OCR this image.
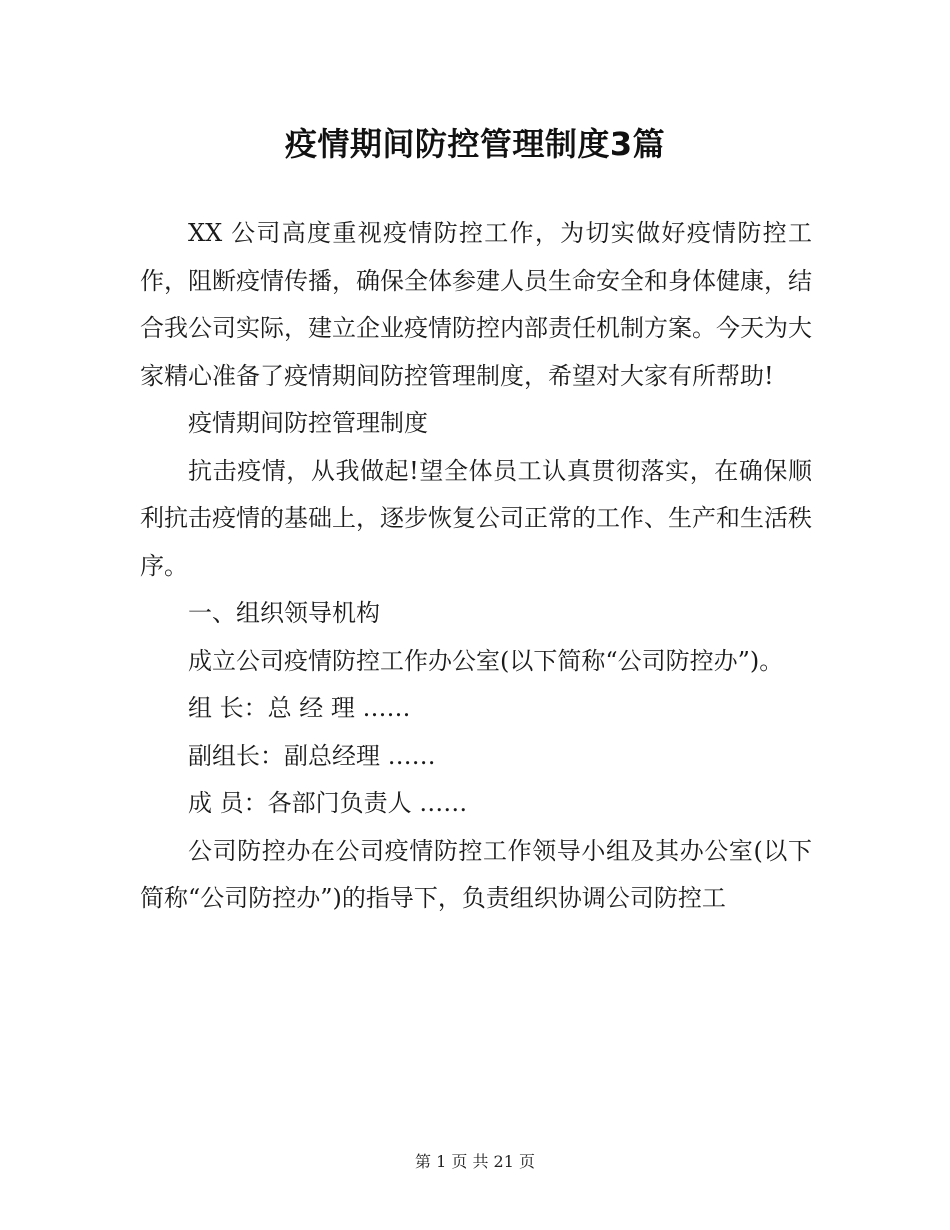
疫情期间防控管理制度3篇

XX 公司高度重视疫情防控工作，为切实做好疫情防控工作，阻断疫情传播，确保全体参建人员生命安全和身体健康，结合我公司实际，建立企业疫情防控内部责任机制方案。今天为大家精心准备了疫情期间防控管理制度，希望对大家有所帮助!

疫情期间防控管理制度

抗击疫情，从我做起!望全体员工认真贯彻落实，在确保顺利抗击疫情的基础上，逐步恢复公司正常的工作、生产和生活秩序。

一、组织领导机构

成立公司疫情防控工作办公室(以下简称“公司防控办”)。

组 长：总 经 理 ……

副组长：副总经理 ……

成 员：各部门负责人 ……

公司防控办在公司疫情防控工作领导小组及其办公室(以下简称“公司防控办”)的指导下，负责组织协调公司防控工

第 1 页 共 21 页
